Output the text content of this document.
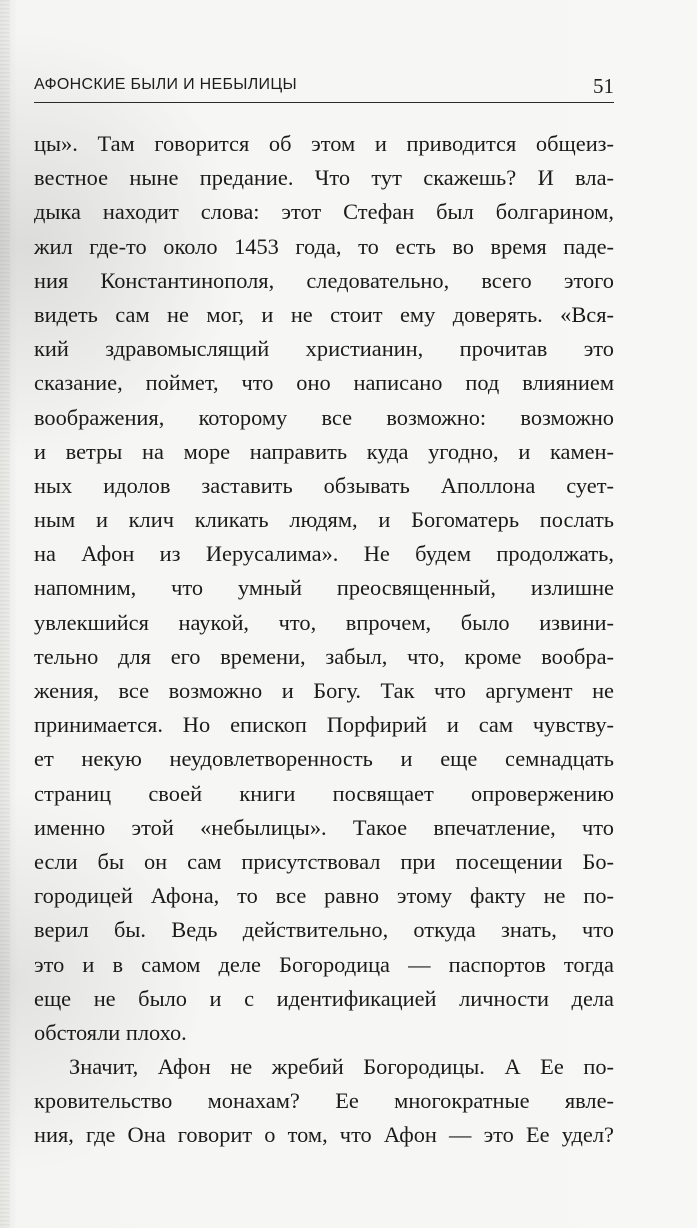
АФОНСКИЕ БЫЛИ И НЕБЫЛИЦЫ	51
цы». Там говорится об этом и приводится общеиз-
вестное ныне предание. Что тут скажешь? И вла-
дыка находит слова: этот Стефан был болгарином,
жил где-то около 1453 года, то есть во время паде-
ния Константинополя, следовательно, всего этого
видеть сам не мог, и не стоит ему доверять. «Вся-
кий здравомыслящий христианин, прочитав это
сказание, поймет, что оно написано под влиянием
воображения, которому все возможно: возможно
и ветры на море направить куда угодно, и камен-
ных идолов заставить обзывать Аполлона сует-
ным и клич кликать людям, и Богоматерь послать
на Афон из Иерусалима». Не будем продолжать,
напомним, что умный преосвященный, излишне
увлекшийся наукой, что, впрочем, было извини-
тельно для его времени, забыл, что, кроме вообра-
жения, все возможно и Богу. Так что аргумент не
принимается. Но епископ Порфирий и сам чувству-
ет некую неудовлетворенность и еще семнадцать
страниц своей книги посвящает опровержению
именно этой «небылицы». Такое впечатление, что
если бы он сам присутствовал при посещении Бо-
городицей Афона, то все равно этому факту не по-
верил бы. Ведь действительно, откуда знать, что
это и в самом деле Богородица — паспортов тогда
еще не было и с идентификацией личности дела
обстояли плохо.
Значит, Афон не жребий Богородицы. А Ее по-
кровительство монахам? Ее многократные явле-
ния, где Она говорит о том, что Афон — это Ее удел?
